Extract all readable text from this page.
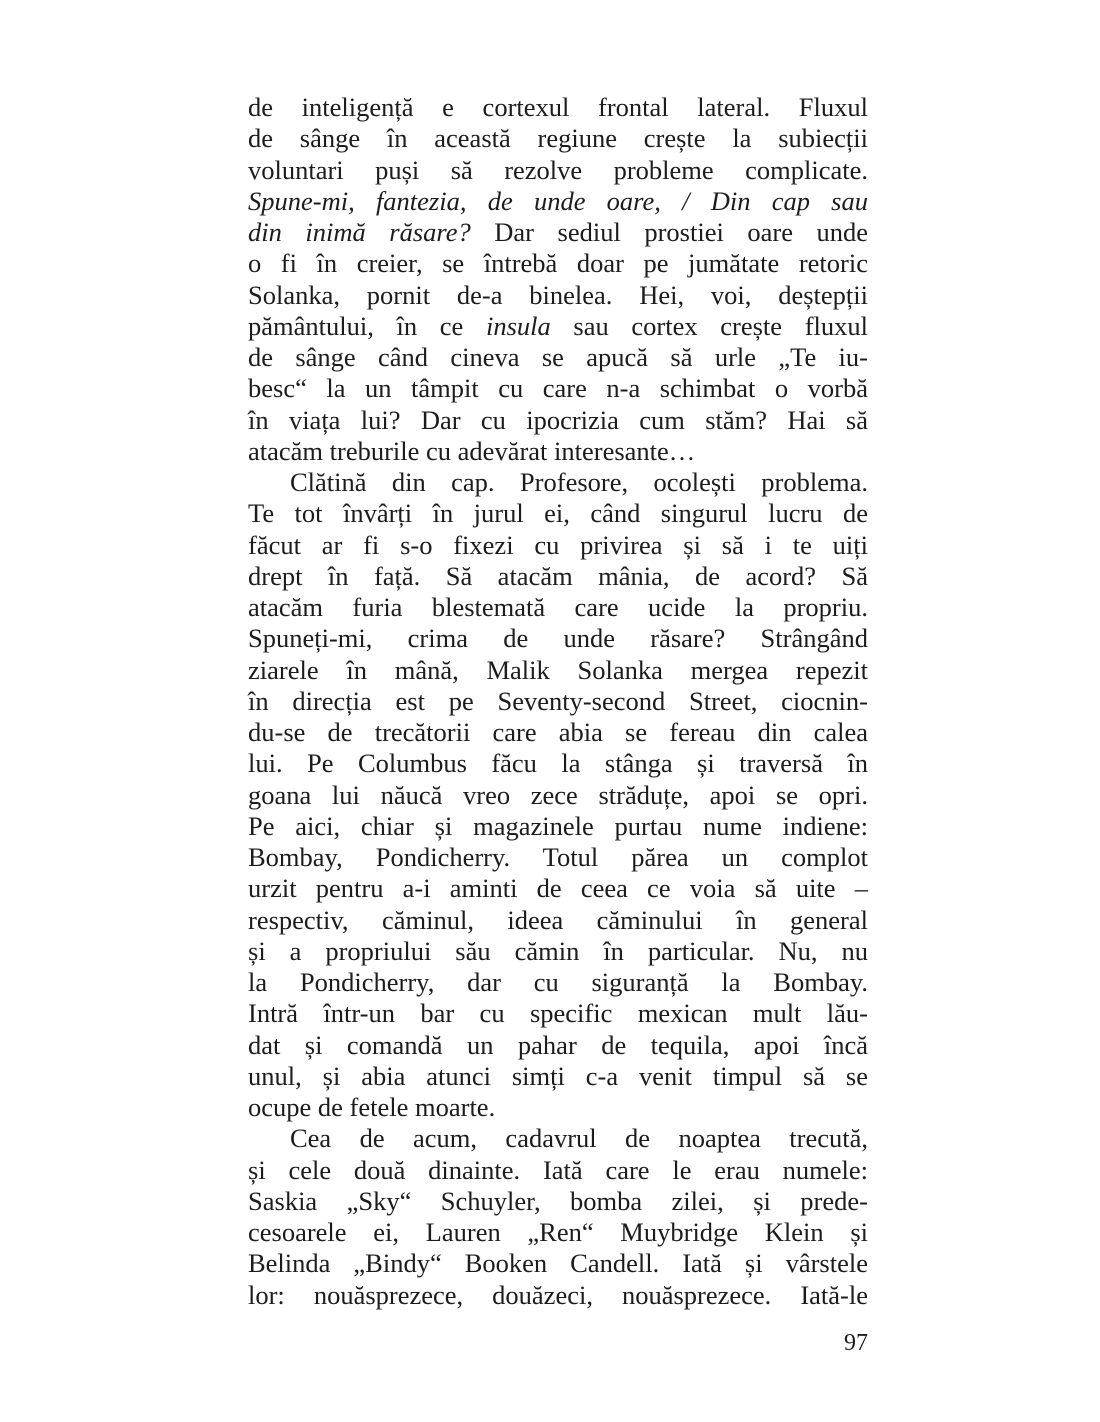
de inteligență e cortexul frontal lateral. Fluxul
de sânge în această regiune crește la subiecții
voluntari puși să rezolve probleme complicate.
Spune-mi, fantezia, de unde oare, / Din cap sau
din inimă răsare? Dar sediul prostiei oare unde
o fi în creier, se întrebă doar pe jumătate retoric
Solanka, pornit de-a binelea. Hei, voi, deștepții
pământului, în ce insula sau cortex crește fluxul
de sânge când cineva se apucă să urle „Te iu-
besc“ la un tâmpit cu care n-a schimbat o vorbă
în viața lui? Dar cu ipocrizia cum stăm? Hai să
atacăm treburile cu adevărat interesante…
Clătină din cap. Profesore, ocolești problema.
Te tot învârți în jurul ei, când singurul lucru de
făcut ar fi s-o fixezi cu privirea și să i te uiți
drept în față. Să atacăm mânia, de acord? Să
atacăm furia blestemată care ucide la propriu.
Spuneți-mi, crima de unde răsare? Strângând
ziarele în mână, Malik Solanka mergea repezit
în direcția est pe Seventy-second Street, ciocnin-
du-se de trecătorii care abia se fereau din calea
lui. Pe Columbus făcu la stânga și traversă în
goana lui năucă vreo zece străduțe, apoi se opri.
Pe aici, chiar și magazinele purtau nume indiene:
Bombay, Pondicherry. Totul părea un complot
urzit pentru a-i aminti de ceea ce voia să uite –
respectiv, căminul, ideea căminului în general
și a propriului său cămin în particular. Nu, nu
la Pondicherry, dar cu siguranță la Bombay.
Intră într-un bar cu specific mexican mult lău-
dat și comandă un pahar de tequila, apoi încă
unul, și abia atunci simți c-a venit timpul să se
ocupe de fetele moarte.
Cea de acum, cadavrul de noaptea trecută,
și cele două dinainte. Iată care le erau numele:
Saskia „Sky“ Schuyler, bomba zilei, și prede-
cesoarele ei, Lauren „Ren“ Muybridge Klein și
Belinda „Bindy“ Booken Candell. Iată și vârstele
lor: nouăsprezece, douăzeci, nouăsprezece. Iată-le
97
